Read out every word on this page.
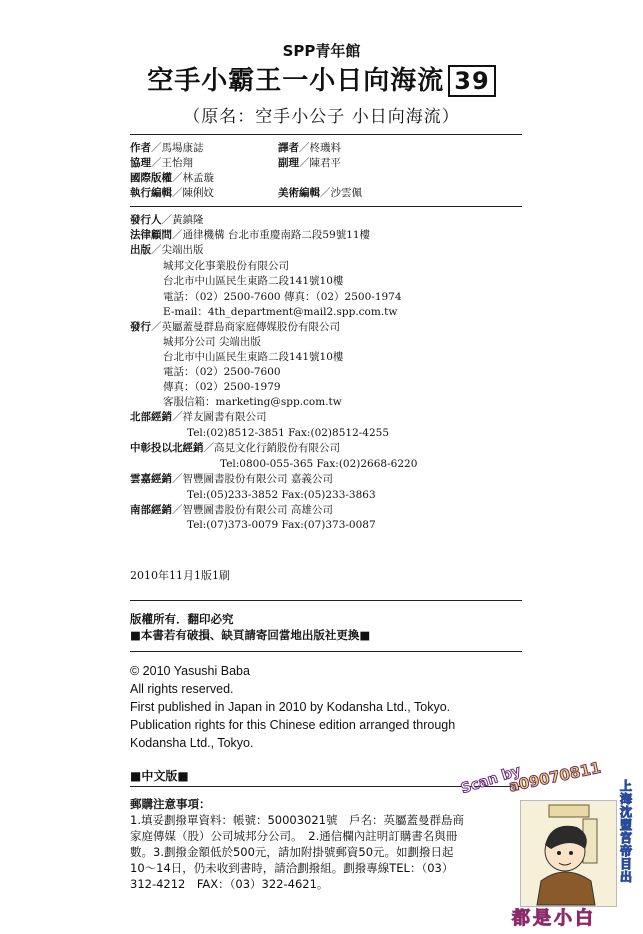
SPP青年館
空手小霸王一小日向海流 39
（原名：空手小公子 小日向海流）
作者／馬場康誌	譯者／柊璣料
協理／王怡翔	副理／陳君平
國際版權／林孟璇
執行編輯／陳俐妏	美術編輯／沙雲佩
發行人／黃鎮隆
法律顧問／通律機構 台北市重慶南路二段59號11樓
出版／尖端出版
城邦文化事業股份有限公司
台北市中山區民生東路二段141號10樓
電話：（02）2500-7600 傳真：（02）2500-1974
E-mail：4th_department@mail2.spp.com.tw
發行／英屬蓋曼群島商家庭傳媒股份有限公司
城邦分公司 尖端出版
台北市中山區民生東路二段141號10樓
電話：（02）2500-7600
傳真：（02）2500-1979
客服信箱：marketing@spp.com.tw
北部經銷／祥友圖書有限公司
Tel:(02)8512-3851 Fax:(02)8512-4255
中彰投以北經銷／高見文化行銷股份有限公司
Tel:0800-055-365 Fax:(02)2668-6220
雲嘉經銷／智豐圖書股份有限公司 嘉義公司
Tel:(05)233-3852 Fax:(05)233-3863
南部經銷／智豐圖書股份有限公司 高雄公司
Tel:(07)373-0079 Fax:(07)373-0087
2010年11月1版1刷
版權所有．翻印必究
■本書若有破損、缺頁請寄回當地出版社更換■
© 2010 Yasushi Baba
All rights reserved.
First published in Japan in 2010 by Kodansha Ltd., Tokyo.
Publication rights for this Chinese edition arranged through
Kodansha Ltd., Tokyo.
■中文版■
郵購注意事項：
1.填妥劃撥單資料：帳號：50003021號　戶名：英屬蓋曼群島商
家庭傳媒（股）公司城邦分公司。　2.通信欄內註明訂購書名與冊
數。3.劃撥金額低於500元，請加附掛號郵資50元。如劃撥日起
10～14日，仍未收到書時，請洽劃撥組。劃撥專線TEL：（03）
312-4212　FAX：（03）322-4621。
Scan by
a09070811 上海沈盟宮帝目出
都是小白
